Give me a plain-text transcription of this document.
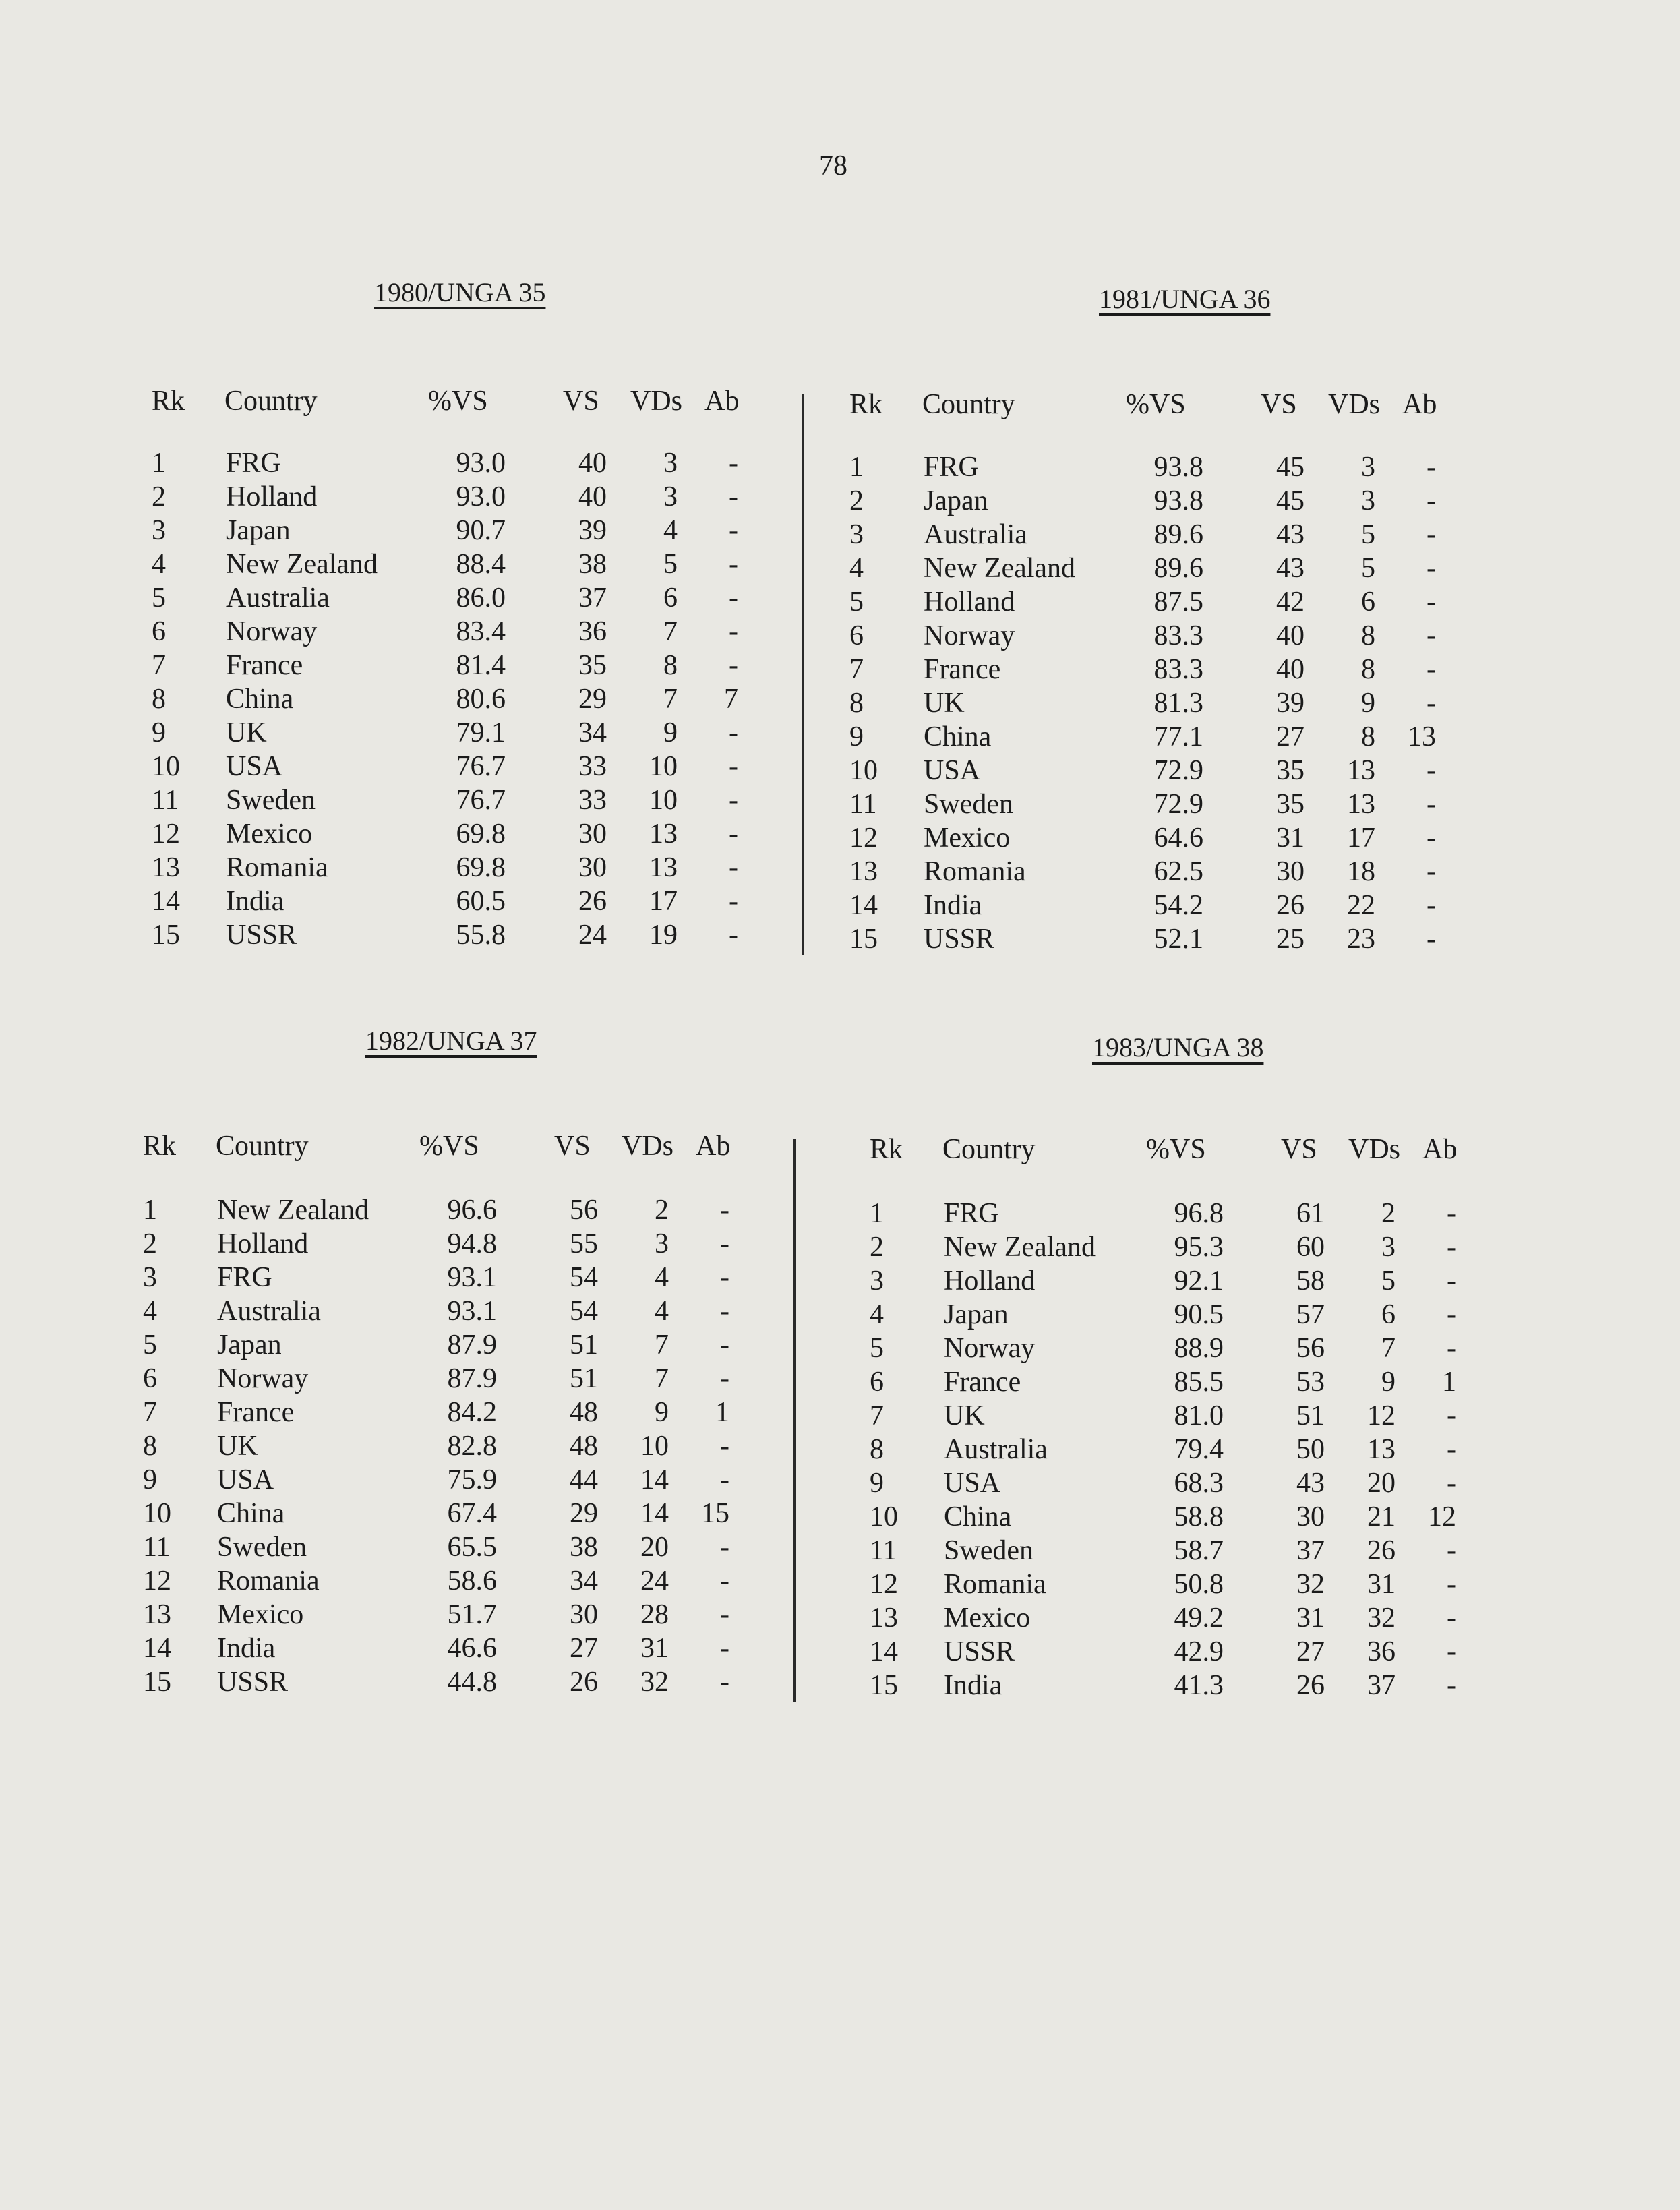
78
1980/UNGA 35
Rk Country	%VS	VS VDs Ab
1 FRG	93.0	40	3	-
2 Holland	93.0	40	3	-
3 Japan	90.7	39	4	-
4 New Zealand	88.4	38	5	-
5 Australia	86.0	37	6	-
6 Norway	83.4	36	7	-
7 France	81.4	35	8	-
8 China	80.6	29	7	7
9 UK	79.1	34	9	-
10 USA	76.7	33	10	-
11 Sweden	76.7	33	10	-
12 Mexico	69.8	30	13	-
13 Romania	69.8	30	13	-
14 India	60.5	26	17	-
15 USSR	55.8	24	19	-
1981/UNGA 36
Rk Country	%VS	VS VDs Ab
1 FRG	93.8	45	3	-
2 Japan	93.8	45	3	-
3 Australia	89.6	43	5	-
4 New Zealand	89.6	43	5	-
5 Holland	87.5	42	6	-
6 Norway	83.3	40	8	-
7 France	83.3	40	8	-
8 UK	81.3	39	9	-
9 China	77.1	27	8	13
10 USA	72.9	35	13	-
11 Sweden	72.9	35	13	-
12 Mexico	64.6	31	17	-
13 Romania	62.5	30	18	-
14 India	54.2	26	22	-
15 USSR	52.1	25	23	-
1982/UNGA 37
Rk Country	%VS	VS VDs Ab
1 New Zealand	96.6	56	2	-
2 Holland	94.8	55	3	-
3 FRG	93.1	54	4	-
4 Australia	93.1	54	4	-
5 Japan	87.9	51	7	-
6 Norway	87.9	51	7	-
7 France	84.2	48	9	1
8 UK	82.8	48	10	-
9 USA	75.9	44	14	-
10 China	67.4	29	14	15
11 Sweden	65.5	38	20	-
12 Romania	58.6	34	24	-
13 Mexico	51.7	30	28	-
14 India	46.6	27	31	-
15 USSR	44.8	26	32	-
1983/UNGA 38
Rk Country	%VS	VS VDs Ab
1 FRG	96.8	61	2	-
2 New Zealand	95.3	60	3	-
3 Holland	92.1	58	5	-
4 Japan	90.5	57	6	-
5 Norway	88.9	56	7	-
6 France	85.5	53	9	1
7 UK	81.0	51	12	-
8 Australia	79.4	50	13	-
9 USA	68.3	43	20	-
10 China	58.8	30	21	12
11 Sweden	58.7	37	26	-
12 Romania	50.8	32	31	-
13 Mexico	49.2	31	32	-
14 USSR	42.9	27	36	-
15 India	41.3	26	37	-
